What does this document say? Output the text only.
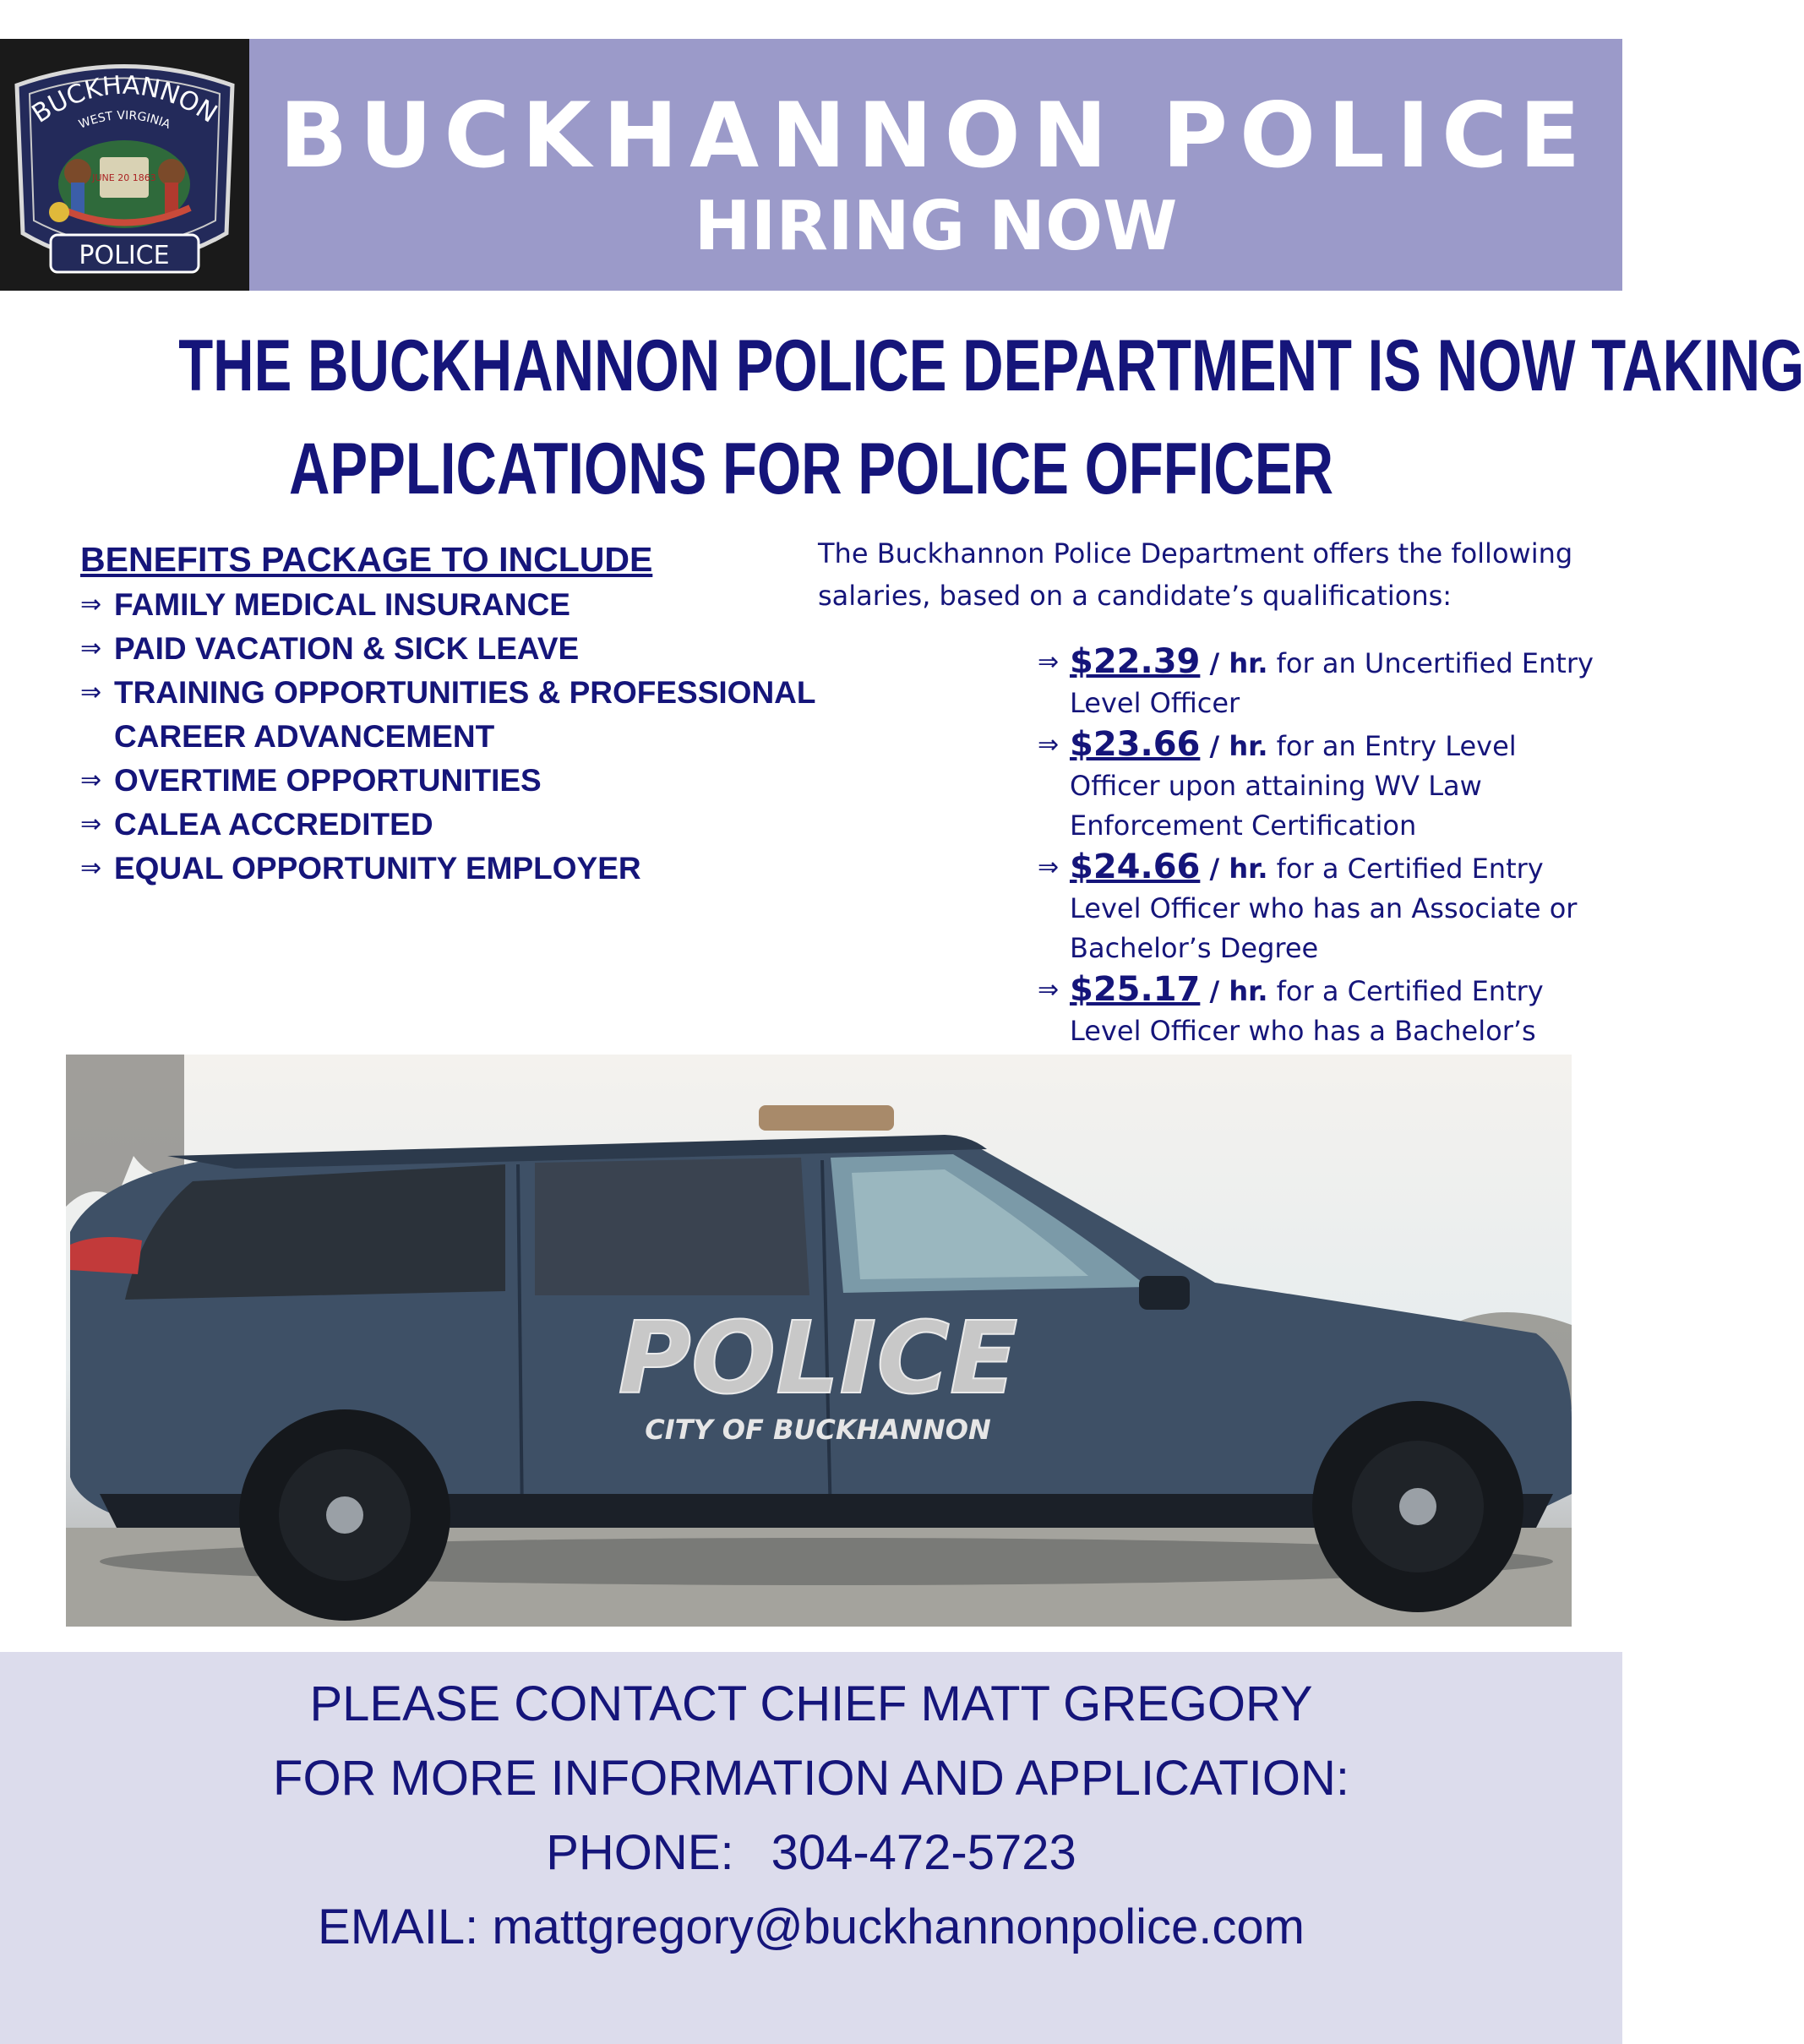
BUCKHANNON
WEST VIRGINIA
JUNE 20 1863
POLICE
BUCKHANNON POLICE
HIRING NOW
THE BUCKHANNON POLICE DEPARTMENT IS NOW TAKING
APPLICATIONS FOR POLICE OFFICER
BENEFITS PACKAGE TO INCLUDE
⇒ FAMILY MEDICAL INSURANCE
⇒ PAID VACATION & SICK LEAVE
⇒ TRAINING OPPORTUNITIES & PROFESSIONAL CAREER ADVANCEMENT
⇒ OVERTIME OPPORTUNITIES
⇒ CALEA ACCREDITED
⇒ EQUAL OPPORTUNITY EMPLOYER
The Buckhannon Police Department offers the following salaries, based on a candidate’s qualifications:
⇒ $22.39 / hr. for an Uncertified Entry Level Officer
⇒ $23.66 / hr. for an Entry Level Officer upon attaining WV Law Enforcement Certification
⇒ $24.66 / hr. for a Certified Entry Level Officer who has an Associate or Bachelor’s Degree
⇒ $25.17 / hr. for a Certified Entry Level Officer who has a Bachelor’s
POLICE
CITY OF BUCKHANNON
PLEASE CONTACT CHIEF MATT GREGORY
FOR MORE INFORMATION AND APPLICATION:
PHONE: 304-472-5723
EMAIL: mattgregory@buckhannonpolice.com
